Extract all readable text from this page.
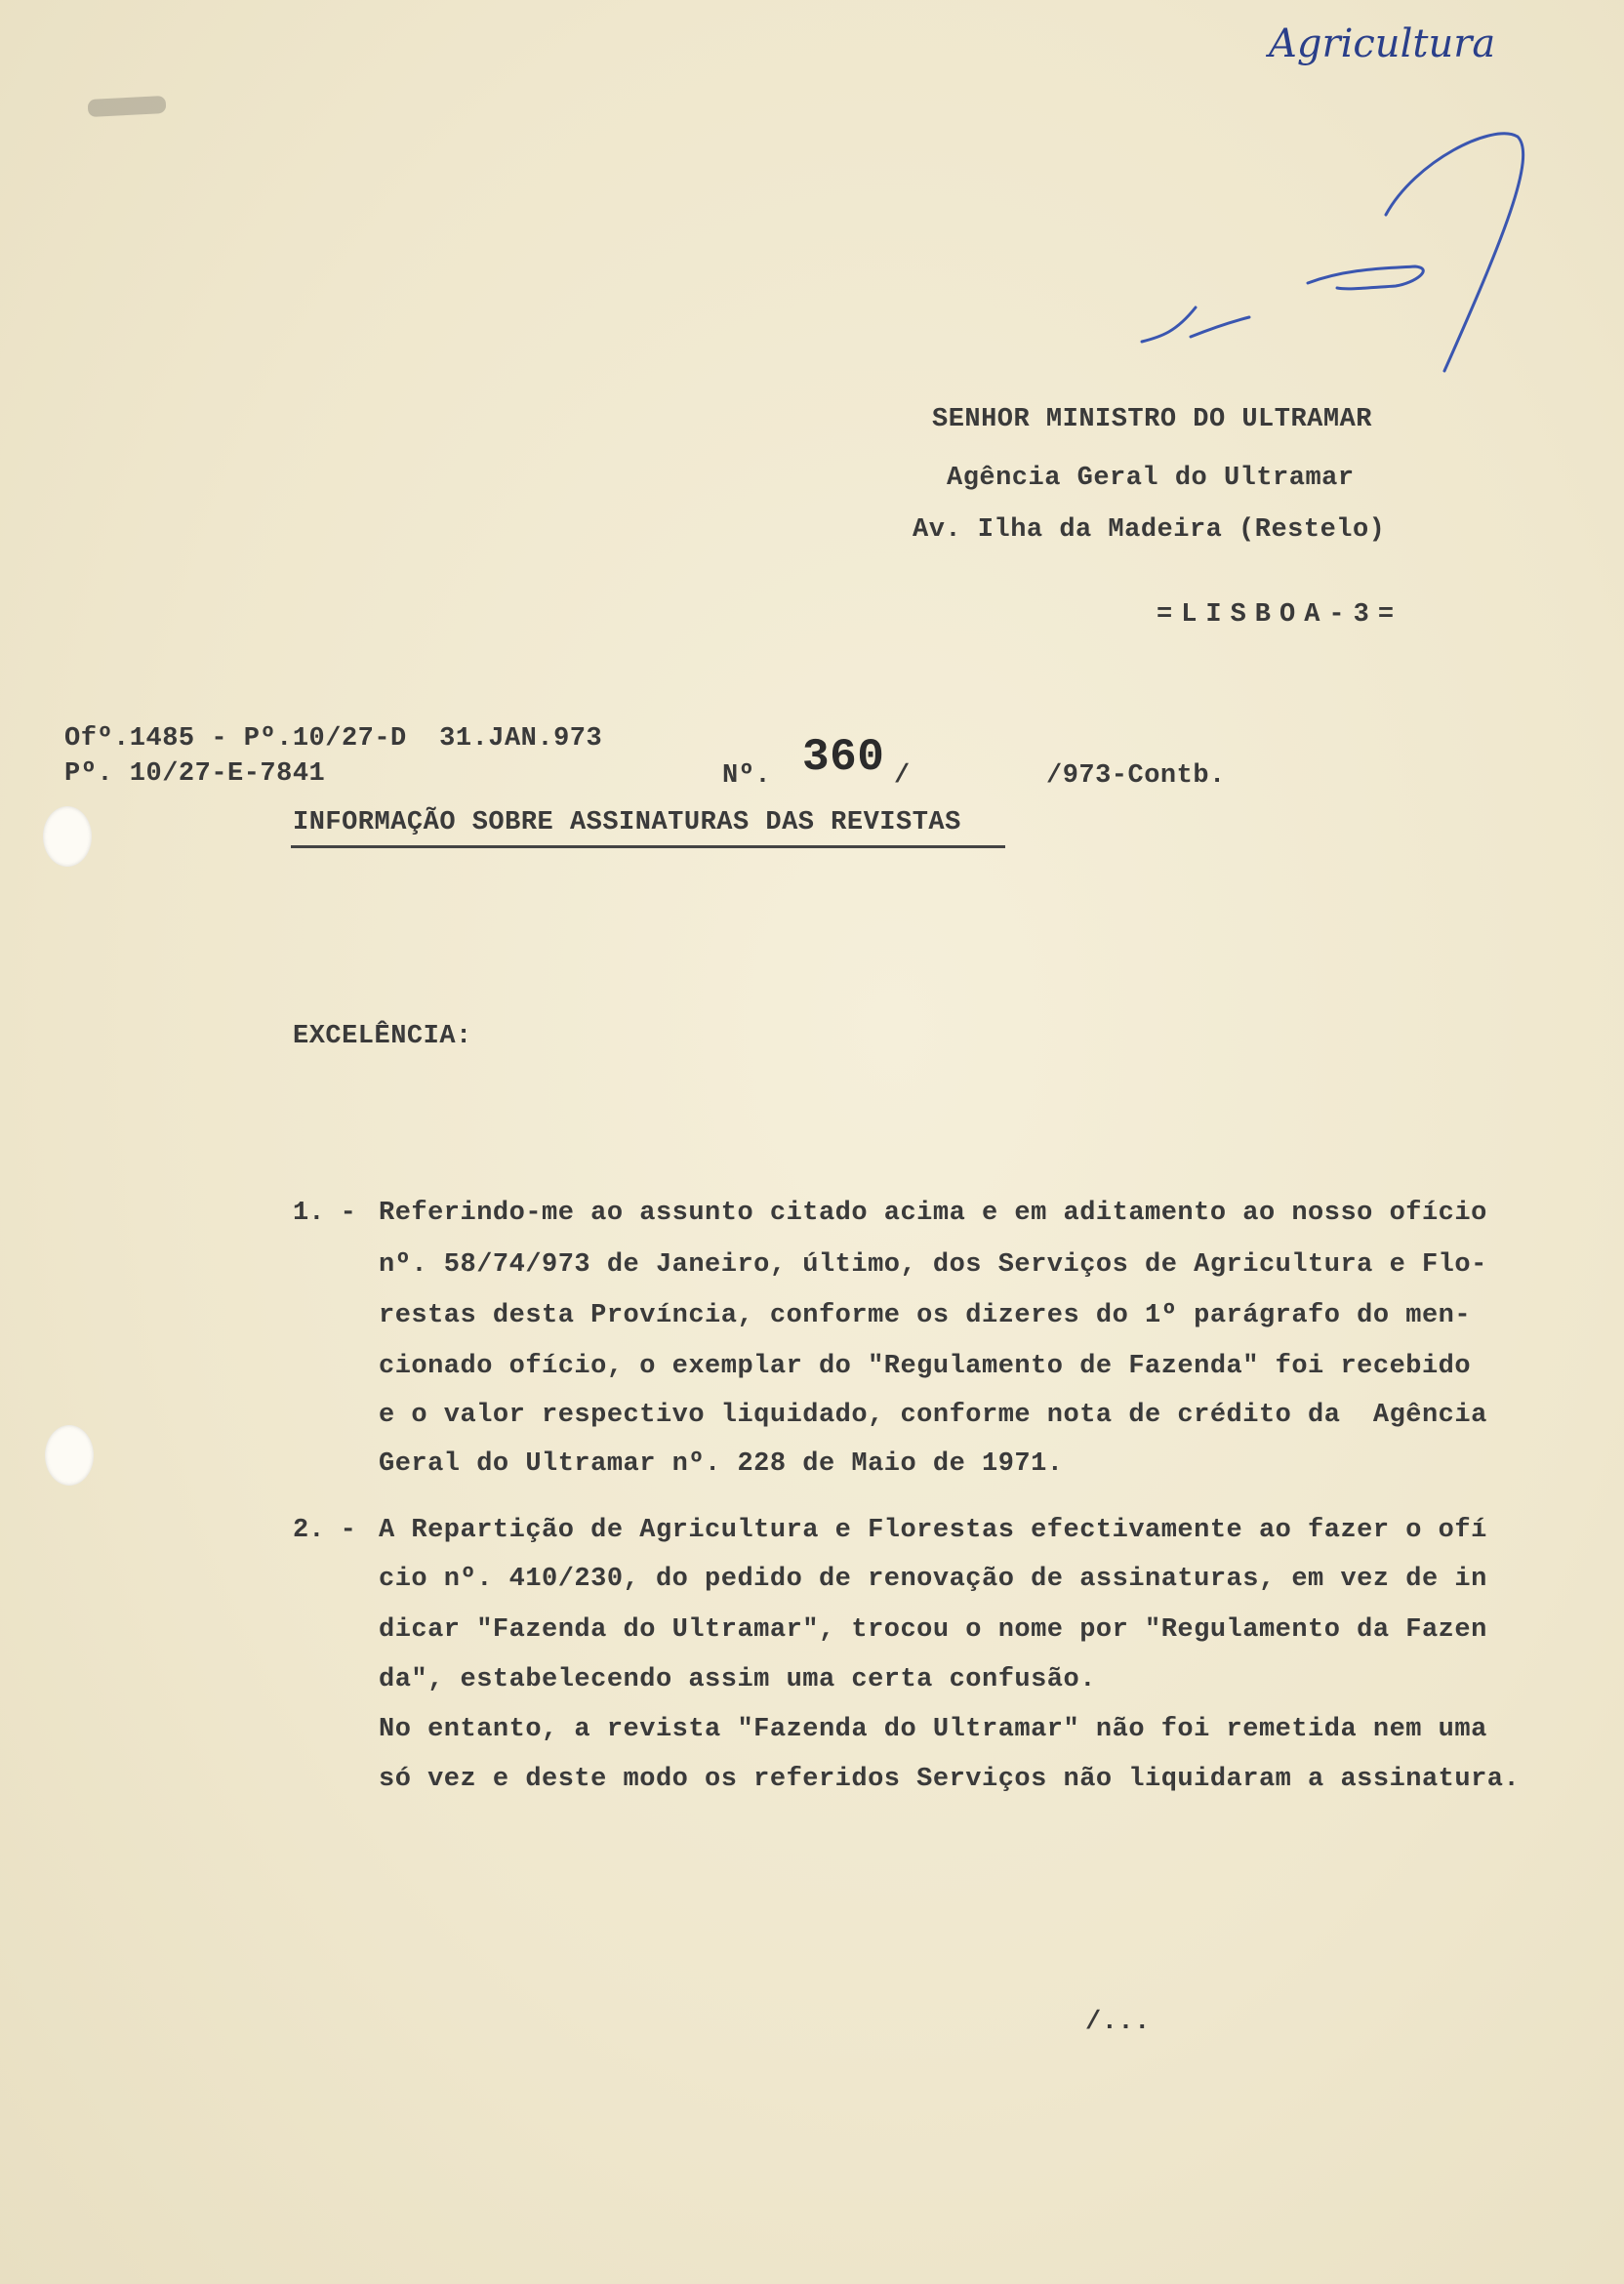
Agricultura
SENHOR MINISTRO DO ULTRAMAR
Agência Geral do Ultramar
Av. Ilha da Madeira (Restelo)
=LISBOA-3=
Ofº.1485 - Pº.10/27-D  31.JAN.973
Pº. 10/27-E-7841	Nº. 360 /	/973-Contb.
INFORMAÇÃO SOBRE ASSINATURAS DAS REVISTAS
EXCELÊNCIA:
1. - Referindo-me ao assunto citado acima e em aditamento ao nosso ofício
nº. 58/74/973 de Janeiro, último, dos Serviços de Agricultura e Flo-
restas desta Província, conforme os dizeres do 1º parágrafo do men-
cionado ofício, o exemplar do "Regulamento de Fazenda" foi recebido
e o valor respectivo liquidado, conforme nota de crédito da  Agência
Geral do Ultramar nº. 228 de Maio de 1971.
2. - A Repartição de Agricultura e Florestas efectivamente ao fazer o ofí
cio nº. 410/230, do pedido de renovação de assinaturas, em vez de in
dicar "Fazenda do Ultramar", trocou o nome por "Regulamento da Fazen
da", estabelecendo assim uma certa confusão.
No entanto, a revista "Fazenda do Ultramar" não foi remetida nem uma
só vez e deste modo os referidos Serviços não liquidaram a assinatura.
/...
